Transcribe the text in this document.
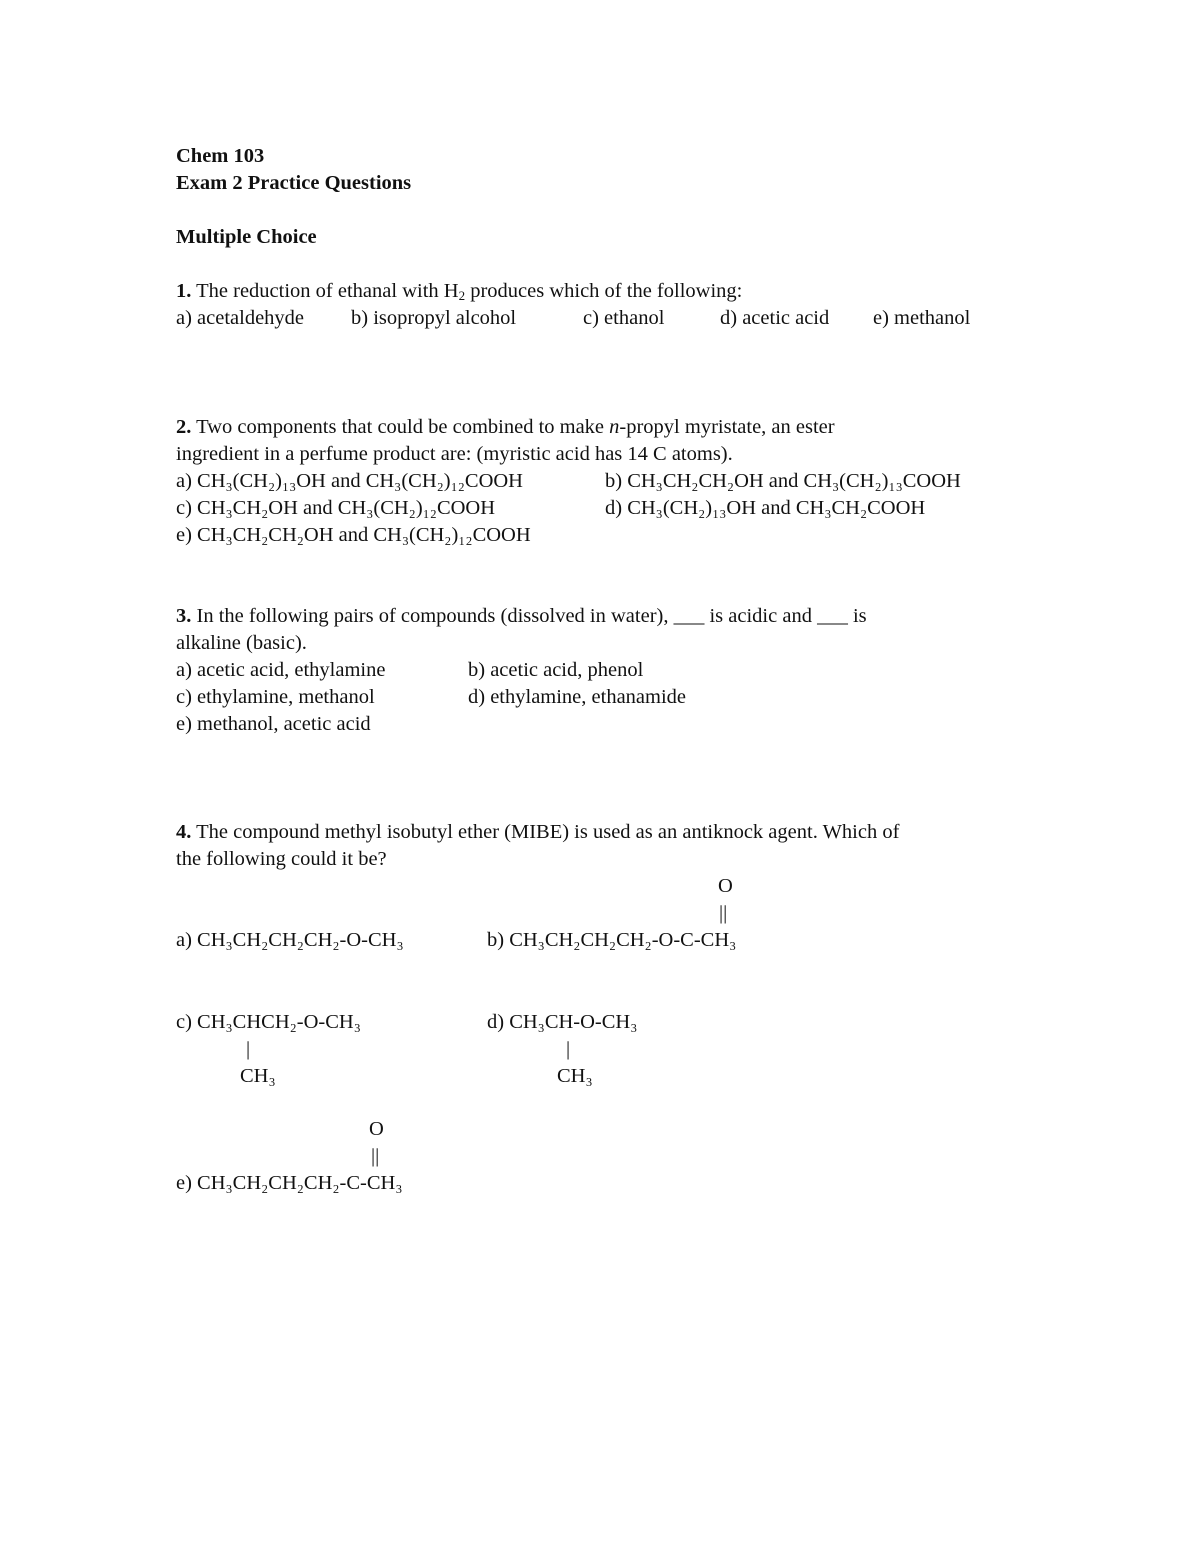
Chem 103
Exam 2 Practice Questions
Multiple Choice
1. The reduction of ethanal with $H_2$ produces which of the following:
a) acetaldehyde b) isopropyl alcohol	c) ethanol	d) acetic acid e) methanol
2. Two components that could be combined to make n-propyl myristate, an ester
ingredient in a perfume product are: (myristic acid has 14 C atoms).
a) CH₃(CH₂)₁₃OH and CH₃(CH₂)₁₂COOH	b) CH₃CH₂CH₂OH and CH₃(CH₂)₁₃COOH
c) CH₃CH₂OH and CH₃(CH₂)₁₂COOH	d) CH₃(CH₂)₁₃OH and CH₃CH₂COOH
e) CH₃CH₂CH₂OH and CH₃(CH₂)₁₂COOH
3. In the following pairs of compounds (dissolved in water), ___ is acidic and ___ is
alkaline (basic).
a) acetic acid, ethylamine	b) acetic acid, phenol
c) ethylamine, methanol	d) ethylamine, ethanamide
e) methanol, acetic acid
4. The compound methyl isobutyl ether (MIBE) is used as an antiknock agent. Which of
the following could it be?
O
||
a) CH₃CH₂CH₂CH₂-O-CH₃	b) CH₃CH₂CH₂CH₂-O-C-CH₃
c) CH₃CHCH₂-O-CH₃
|
CH₃
d) CH₃CH-O-CH₃
|
CH₃
O
||
e) CH₃CH₂CH₂CH₂-C-CH₃
